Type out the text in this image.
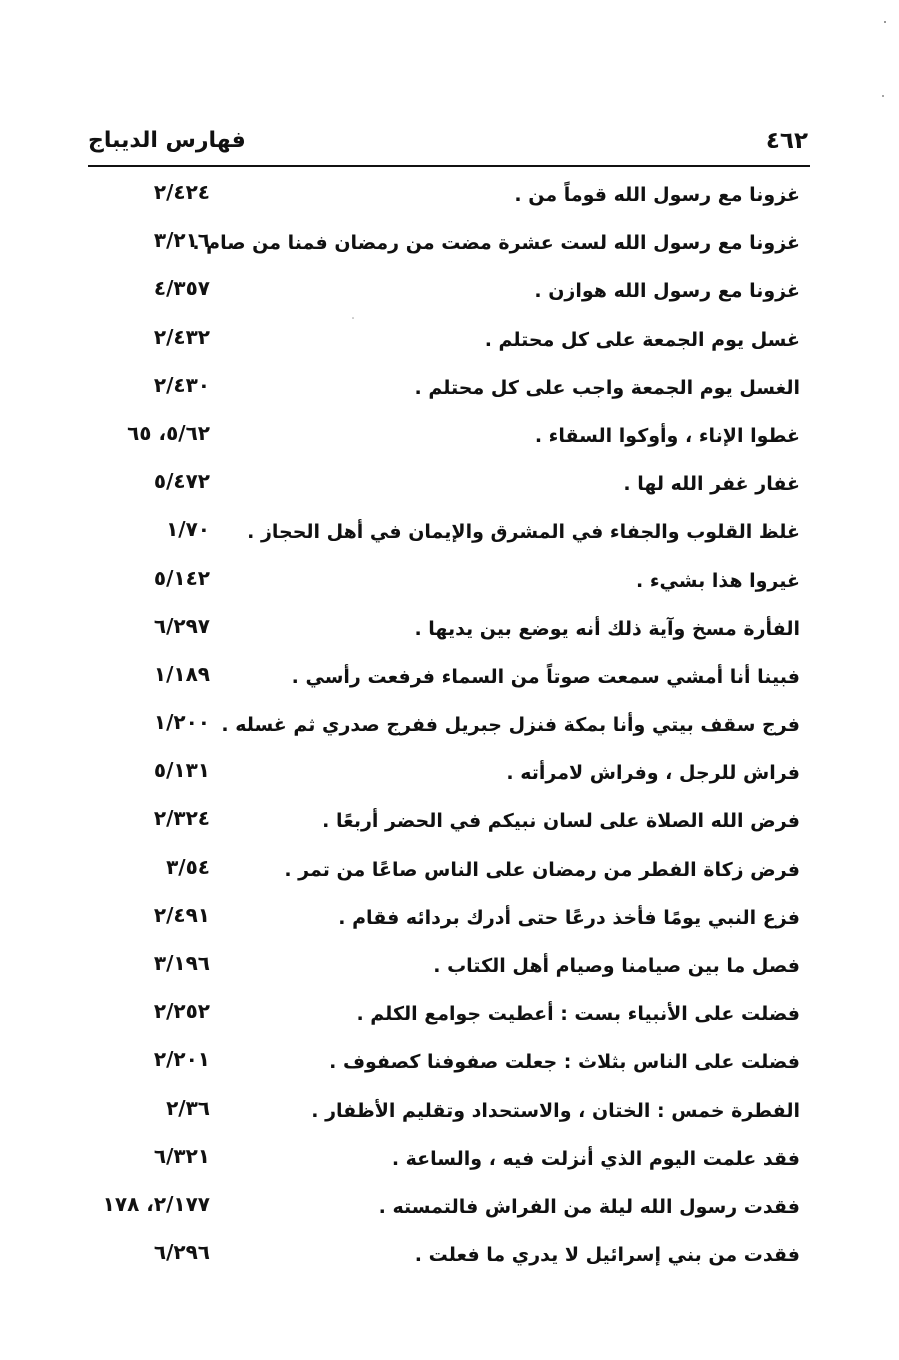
٤٦٢
فهارس الديباج
غزونا مع رسول الله قوماً من .
٢/٤٢٤
غزونا مع رسول الله لست عشرة مضت من رمضان فمنا من صام .
٣/٢١٦
غزونا مع رسول الله هوازن .
٤/٣٥٧
غسل يوم الجمعة على كل محتلم .
٢/٤٣٢
الغسل يوم الجمعة واجب على كل محتلم .
٢/٤٣٠
غطوا الإناء ، وأوكوا السقاء .
٥/٦٢، ٦٥
غفار غفر الله لها .
٥/٤٧٢
غلظ القلوب والجفاء في المشرق والإيمان في أهل الحجاز .
١/٧٠
غيروا هذا بشيء .
٥/١٤٢
الفأرة مسخ وآية ذلك أنه يوضع بين يديها .
٦/٢٩٧
فبينا أنا أمشي سمعت صوتاً من السماء فرفعت رأسي .
١/١٨٩
فرج سقف بيتي وأنا بمكة فنزل جبريل ففرج صدري ثم غسله .
١/٢٠٠
فراش للرجل ، وفراش لامرأته .
٥/١٣١
فرض الله الصلاة على لسان نبيكم في الحضر أربعًا .
٢/٣٢٤
فرض زكاة الفطر من رمضان على الناس صاعًا من تمر .
٣/٥٤
فزع النبي يومًا فأخذ درعًا حتى أدرك بردائه فقام .
٢/٤٩١
فصل ما بين صيامنا وصيام أهل الكتاب .
٣/١٩٦
فضلت على الأنبياء بست : أعطيت جوامع الكلم .
٢/٢٥٢
فضلت على الناس بثلاث : جعلت صفوفنا كصفوف .
٢/٢٠١
الفطرة خمس : الختان ، والاستحداد وتقليم الأظفار .
٢/٣٦
فقد علمت اليوم الذي أنزلت فيه ، والساعة .
٦/٣٢١
فقدت رسول الله ليلة من الفراش فالتمسته .
٢/١٧٧، ١٧٨
فقدت من بني إسرائيل لا يدري ما فعلت .
٦/٢٩٦
